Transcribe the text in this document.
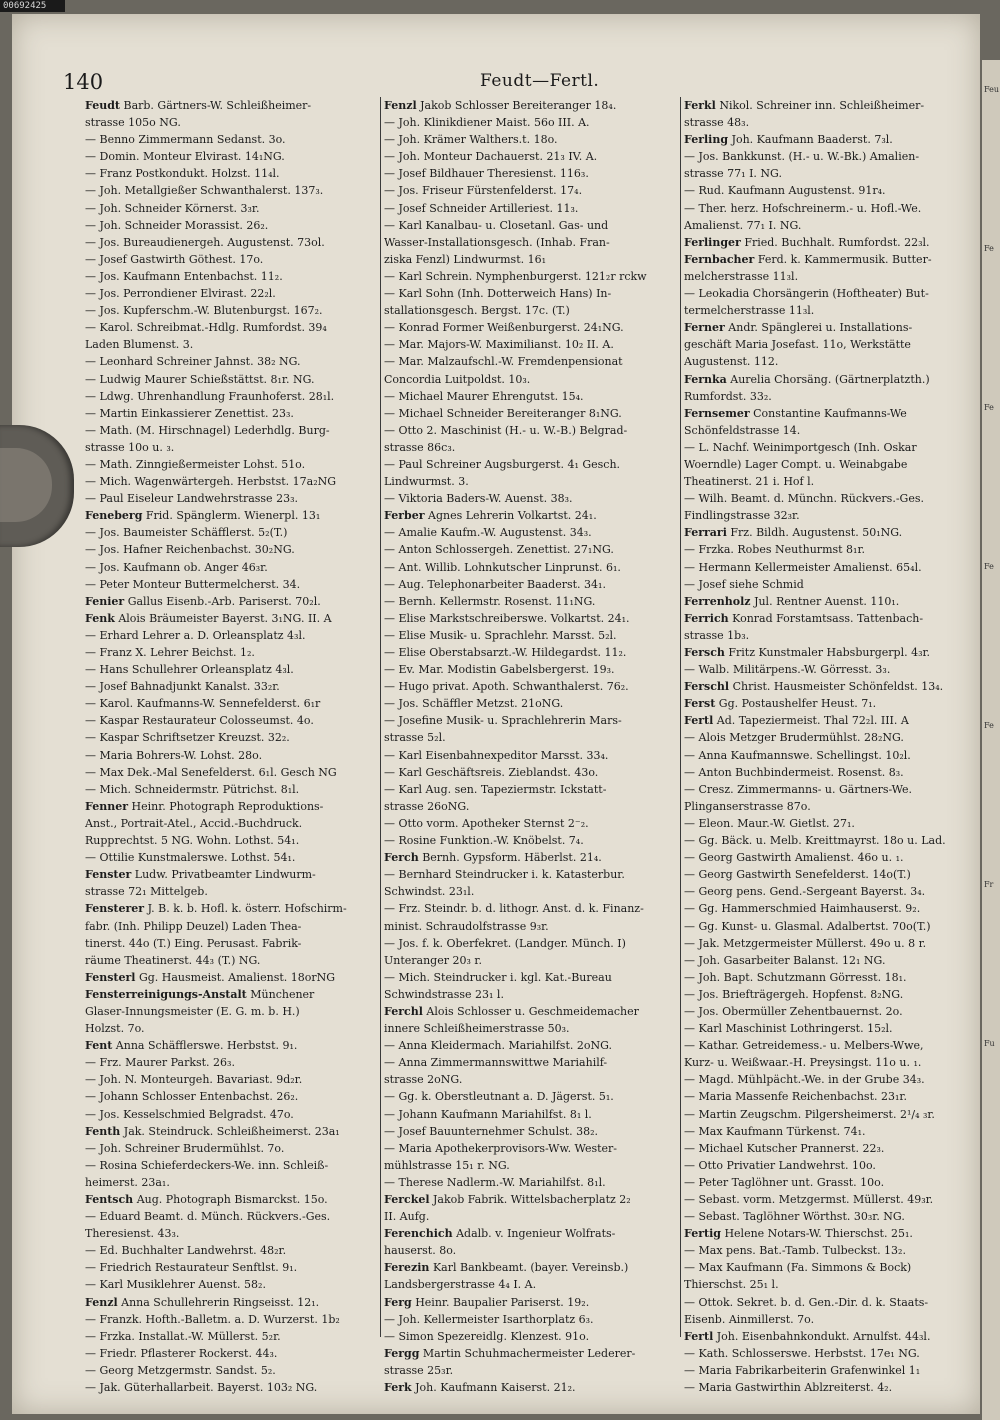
00692425
Feu
Fe
Fe
Fe
Fe
Fr
Fu
140	Feudt—Fertl.
Feudt Barb. Gärtners-W. Schleißheimer-
strasse 105o NG.
— Benno Zimmermann Sedanst. 3o.
— Domin. Monteur Elvirast. 14₁NG.
— Franz Postkondukt. Holzst. 11₄l.
— Joh. Metallgießer Schwanthalerst. 137₃.
— Joh. Schneider Körnerst. 3₃r.
— Joh. Schneider Morassist. 26₂.
— Jos. Bureaudienergeh. Augustenst. 73ol.
— Josef Gastwirth Göthest. 17o.
— Jos. Kaufmann Entenbachst. 11₂.
— Jos. Perrondiener Elvirast. 22₂l.
— Jos. Kupferschm.-W. Blutenburgst. 167₂.
— Karol. Schreibmat.-Hdlg. Rumfordst. 39₄
Laden Blumenst. 3.
— Leonhard Schreiner Jahnst. 38₂ NG.
— Ludwig Maurer Schießstättst. 8₁r. NG.
— Ldwg. Uhrenhandlung Fraunhoferst. 28₁l.
— Martin Einkassierer Zenettist. 23₃.
— Math. (M. Hirschnagel) Lederhdlg. Burg-
strasse 10o u. ₃.
— Math. Zinngießermeister Lohst. 51o.
— Mich. Wagenwärtergeh. Herbstst. 17a₂NG
— Paul Eiseleur Landwehrstrasse 23₃.
Feneberg Frid. Spänglerm. Wienerpl. 13₁
— Jos. Baumeister Schäfflerst. 5₂(T.)
— Jos. Hafner Reichenbachst. 30₂NG.
— Jos. Kaufmann ob. Anger 46₃r.
— Peter Monteur Buttermelcherst. 34.
Fenier Gallus Eisenb.-Arb. Pariserst. 70₂l.
Fenk Alois Bräumeister Bayerst. 3₁NG. II. A
— Erhard Lehrer a. D. Orleansplatz 4₃l.
— Franz X. Lehrer Beichst. 1₂.
— Hans Schullehrer Orleansplatz 4₃l.
— Josef Bahnadjunkt Kanalst. 33₂r.
— Karol. Kaufmanns-W. Sennefelderst. 6₁r
— Kaspar Restaurateur Colosseumst. 4o.
— Kaspar Schriftsetzer Kreuzst. 32₂.
— Maria Bohrers-W. Lohst. 28o.
— Max Dek.-Mal Senefelderst. 6₁l. Gesch NG
— Mich. Schneidermstr. Pütrichst. 8₁l.
Fenner Heinr. Photograph Reproduktions-
Anst., Portrait-Atel., Accid.-Buchdruck.
Rupprechtst. 5 NG. Wohn. Lothst. 54₁.
— Ottilie Kunstmalerswe. Lothst. 54₁.
Fenster Ludw. Privatbeamter Lindwurm-
strasse 72₁ Mittelgeb.
Fensterer J. B. k. b. Hofl. k. österr. Hofschirm-
fabr. (Inh. Philipp Deuzel) Laden Thea-
tinerst. 44o (T.) Eing. Perusast. Fabrik-
räume Theatinerst. 44₃ (T.) NG.
Fensterl Gg. Hausmeist. Amalienst. 18orNG
Fensterreinigungs-Anstalt Münchener
Glaser-Innungsmeister (E. G. m. b. H.)
Holzst. 7o.
Fent Anna Schäfflerswe. Herbstst. 9₁.
— Frz. Maurer Parkst. 26₃.
— Joh. N. Monteurgeh. Bavariast. 9d₂r.
— Johann Schlosser Entenbachst. 26₂.
— Jos. Kesselschmied Belgradst. 47o.
Fenth Jak. Steindruck. Schleißheimerst. 23a₁
— Joh. Schreiner Brudermühlst. 7o.
— Rosina Schieferdeckers-We. inn. Schleiß-
heimerst. 23a₁.
Fentsch Aug. Photograph Bismarckst. 15o.
— Eduard Beamt. d. Münch. Rückvers.-Ges.
Theresienst. 43₃.
— Ed. Buchhalter Landwehrst. 48₂r.
— Friedrich Restaurateur Senftlst. 9₁.
— Karl Musiklehrer Auenst. 58₂.
Fenzl Anna Schullehrerin Ringseisst. 12₁.
— Franzk. Hofth.-Balletm. a. D. Wurzerst. 1b₂
— Frzka. Installat.-W. Müllerst. 5₂r.
— Friedr. Pflasterer Rockerst. 44₃.
— Georg Metzgermstr. Sandst. 5₂.
— Jak. Güterhallarbeit. Bayerst. 103₂ NG.
Fenzl Jakob Schlosser Bereiteranger 18₄.
— Joh. Klinikdiener Maist. 56o III. A.
— Joh. Krämer Walthers.t. 18o.
— Joh. Monteur Dachauerst. 21₃ IV. A.
— Josef Bildhauer Theresienst. 116₃.
— Jos. Friseur Fürstenfelderst. 17₄.
— Josef Schneider Artilleriest. 11₃.
— Karl Kanalbau- u. Closetanl. Gas- und
Wasser-Installationsgesch. (Inhab. Fran-
ziska Fenzl) Lindwurmst. 16₁
— Karl Schrein. Nymphenburgerst. 121₂r rckw
— Karl Sohn (Inh. Dotterweich Hans) In-
stallationsgesch. Bergst. 17c. (T.)
— Konrad Former Weißenburgerst. 24₁NG.
— Mar. Majors-W. Maximilianst. 10₂ II. A.
— Mar. Malzaufschl.-W. Fremdenpensionat
Concordia Luitpoldst. 10₃.
— Michael Maurer Ehrengutst. 15₄.
— Michael Schneider Bereiteranger 8₁NG.
— Otto 2. Maschinist (H.- u. W.-B.) Belgrad-
strasse 86c₃.
— Paul Schreiner Augsburgerst. 4₁ Gesch.
Lindwurmst. 3.
— Viktoria Baders-W. Auenst. 38₃.
Ferber Agnes Lehrerin Volkartst. 24₁.
— Amalie Kaufm.-W. Augustenst. 34₃.
— Anton Schlossergeh. Zenettist. 27₁NG.
— Ant. Willib. Lohnkutscher Linprunst. 6₁.
— Aug. Telephonarbeiter Baaderst. 34₁.
— Bernh. Kellermstr. Rosenst. 11₁NG.
— Elise Markstschreiberswe. Volkartst. 24₁.
— Elise Musik- u. Sprachlehr. Marsst. 5₂l.
— Elise Oberstabsarzt.-W. Hildegardst. 11₂.
— Ev. Mar. Modistin Gabelsbergerst. 19₃.
— Hugo privat. Apoth. Schwanthalerst. 76₂.
— Jos. Schäffler Metzst. 21oNG.
— Josefine Musik- u. Sprachlehrerin Mars-
strasse 5₂l.
— Karl Eisenbahnexpeditor Marsst. 33₄.
— Karl Geschäftsreis. Zieblandst. 43o.
— Karl Aug. sen. Tapeziermstr. Ickstatt-
strasse 26oNG.
— Otto vorm. Apotheker Sternst 2⁻₂.
— Rosine Funktion.-W. Knöbelst. 7₄.
Ferch Bernh. Gypsform. Häberlst. 21₄.
— Bernhard Steindrucker i. k. Katasterbur.
Schwindst. 23₁l.
— Frz. Steindr. b. d. lithogr. Anst. d. k. Finanz-
minist. Schraudolfstrasse 9₃r.
— Jos. f. k. Oberfekret. (Landger. Münch. I)
Unteranger 20₃ r.
— Mich. Steindrucker i. kgl. Kat.-Bureau
Schwindstrasse 23₁ l.
Ferchl Alois Schlosser u. Geschmeidemacher
innere Schleißheimerstrasse 50₃.
— Anna Kleidermach. Mariahilfst. 2oNG.
— Anna Zimmermannswittwe Mariahilf-
strasse 2oNG.
— Gg. k. Oberstleutnant a. D. Jägerst. 5₁.
— Johann Kaufmann Mariahilfst. 8₁ l.
— Josef Bauunternehmer Schulst. 38₂.
— Maria Apothekerprovisors-Ww. Wester-
mühlstrasse 15₁ r. NG.
— Therese Nadlerm.-W. Mariahilfst. 8₁l.
Ferckel Jakob Fabrik. Wittelsbacherplatz 2₂
II. Aufg.
Ferenchich Adalb. v. Ingenieur Wolfrats-
hauserst. 8o.
Ferezin Karl Bankbeamt. (bayer. Vereinsb.)
Landsbergerstrasse 4₄ I. A.
Ferg Heinr. Baupalier Pariserst. 19₂.
— Joh. Kellermeister Isarthorplatz 6₃.
— Simon Spezereidlg. Klenzest. 91o.
Fergg Martin Schuhmachermeister Lederer-
strasse 25₃r.
Ferk Joh. Kaufmann Kaiserst. 21₂.
Ferkl Nikol. Schreiner inn. Schleißheimer-
strasse 48₃.
Ferling Joh. Kaufmann Baaderst. 7₃l.
— Jos. Bankkunst. (H.- u. W.-Bk.) Amalien-
strasse 77₁ I. NG.
— Rud. Kaufmann Augustenst. 91r₄.
— Ther. herz. Hofschreinerm.- u. Hofl.-We.
Amalienst. 77₁ I. NG.
Ferlinger Fried. Buchhalt. Rumfordst. 22₃l.
Fernbacher Ferd. k. Kammermusik. Butter-
melcherstrasse 11₃l.
— Leokadia Chorsängerin (Hoftheater) But-
termelcherstrasse 11₃l.
Ferner Andr. Spänglerei u. Installations-
geschäft Maria Josefast. 11o, Werkstätte
Augustenst. 112.
Fernka Aurelia Chorsäng. (Gärtnerplatzth.)
Rumfordst. 33₂.
Fernsemer Constantine Kaufmanns-We
Schönfeldstrasse 14.
— L. Nachf. Weinimportgesch (Inh. Oskar
Woerndle) Lager Compt. u. Weinabgabe
Theatinerst. 21 i. Hof l.
— Wilh. Beamt. d. Münchn. Rückvers.-Ges.
Findlingstrasse 32₃r.
Ferrari Frz. Bildh. Augustenst. 50₁NG.
— Frzka. Robes Neuthurmst 8₁r.
— Hermann Kellermeister Amalienst. 65₄l.
— Josef siehe Schmid
Ferrenholz Jul. Rentner Auenst. 110₁.
Ferrich Konrad Forstamtsass. Tattenbach-
strasse 1b₃.
Fersch Fritz Kunstmaler Habsburgerpl. 4₃r.
— Walb. Militärpens.-W. Görresst. 3₃.
Ferschl Christ. Hausmeister Schönfeldst. 13₄.
Ferst Gg. Postaushelfer Heust. 7₁.
Fertl Ad. Tapeziermeist. Thal 72₂l. III. A
— Alois Metzger Brudermühlst. 28₂NG.
— Anna Kaufmannswe. Schellingst. 10₂l.
— Anton Buchbindermeist. Rosenst. 8₃.
— Cresz. Zimmermanns- u. Gärtners-We.
Plinganserstrasse 87o.
— Eleon. Maur.-W. Gietlst. 27₁.
— Gg. Bäck. u. Melb. Kreittmayrst. 18o u. Lad.
— Georg Gastwirth Amalienst. 46o u. ₁.
— Georg Gastwirth Senefelderst. 14o(T.)
— Georg pens. Gend.-Sergeant Bayerst. 3₄.
— Gg. Hammerschmied Haimhauserst. 9₂.
— Gg. Kunst- u. Glasmal. Adalbertst. 70o(T.)
— Jak. Metzgermeister Müllerst. 49o u. 8 r.
— Joh. Gasarbeiter Balanst. 12₁ NG.
— Joh. Bapt. Schutzmann Görresst. 18₁.
— Jos. Briefträgergeh. Hopfenst. 8₂NG.
— Jos. Obermüller Zehentbauernst. 2o.
— Karl Maschinist Lothringerst. 15₂l.
— Kathar. Getreidemess.- u. Melbers-Wwe,
Kurz- u. Weißwaar.-H. Preysingst. 11o u. ₁.
— Magd. Mühlpächt.-We. in der Grube 34₃.
— Maria Massenfe Reichenbachst. 23₁r.
— Martin Zeugschm. Pilgersheimerst. 2¹/₄ ₃r.
— Max Kaufmann Türkenst. 74₁.
— Michael Kutscher Prannerst. 22₃.
— Otto Privatier Landwehrst. 10o.
— Peter Taglöhner unt. Grasst. 10o.
— Sebast. vorm. Metzgermst. Müllerst. 49₃r.
— Sebast. Taglöhner Wörthst. 30₃r. NG.
Fertig Helene Notars-W. Thierschst. 25₁.
— Max pens. Bat.-Tamb. Tulbeckst. 13₂.
— Max Kaufmann (Fa. Simmons & Bock)
Thierschst. 25₁ l.
— Ottok. Sekret. b. d. Gen.-Dir. d. k. Staats-
Eisenb. Ainmillerst. 7o.
Fertl Joh. Eisenbahnkondukt. Arnulfst. 44₃l.
— Kath. Schlosserswe. Herbstst. 17e₁ NG.
— Maria Fabrikarbeiterin Grafenwinkel 1₁
— Maria Gastwirthin Ablzreiterst. 4₂.
